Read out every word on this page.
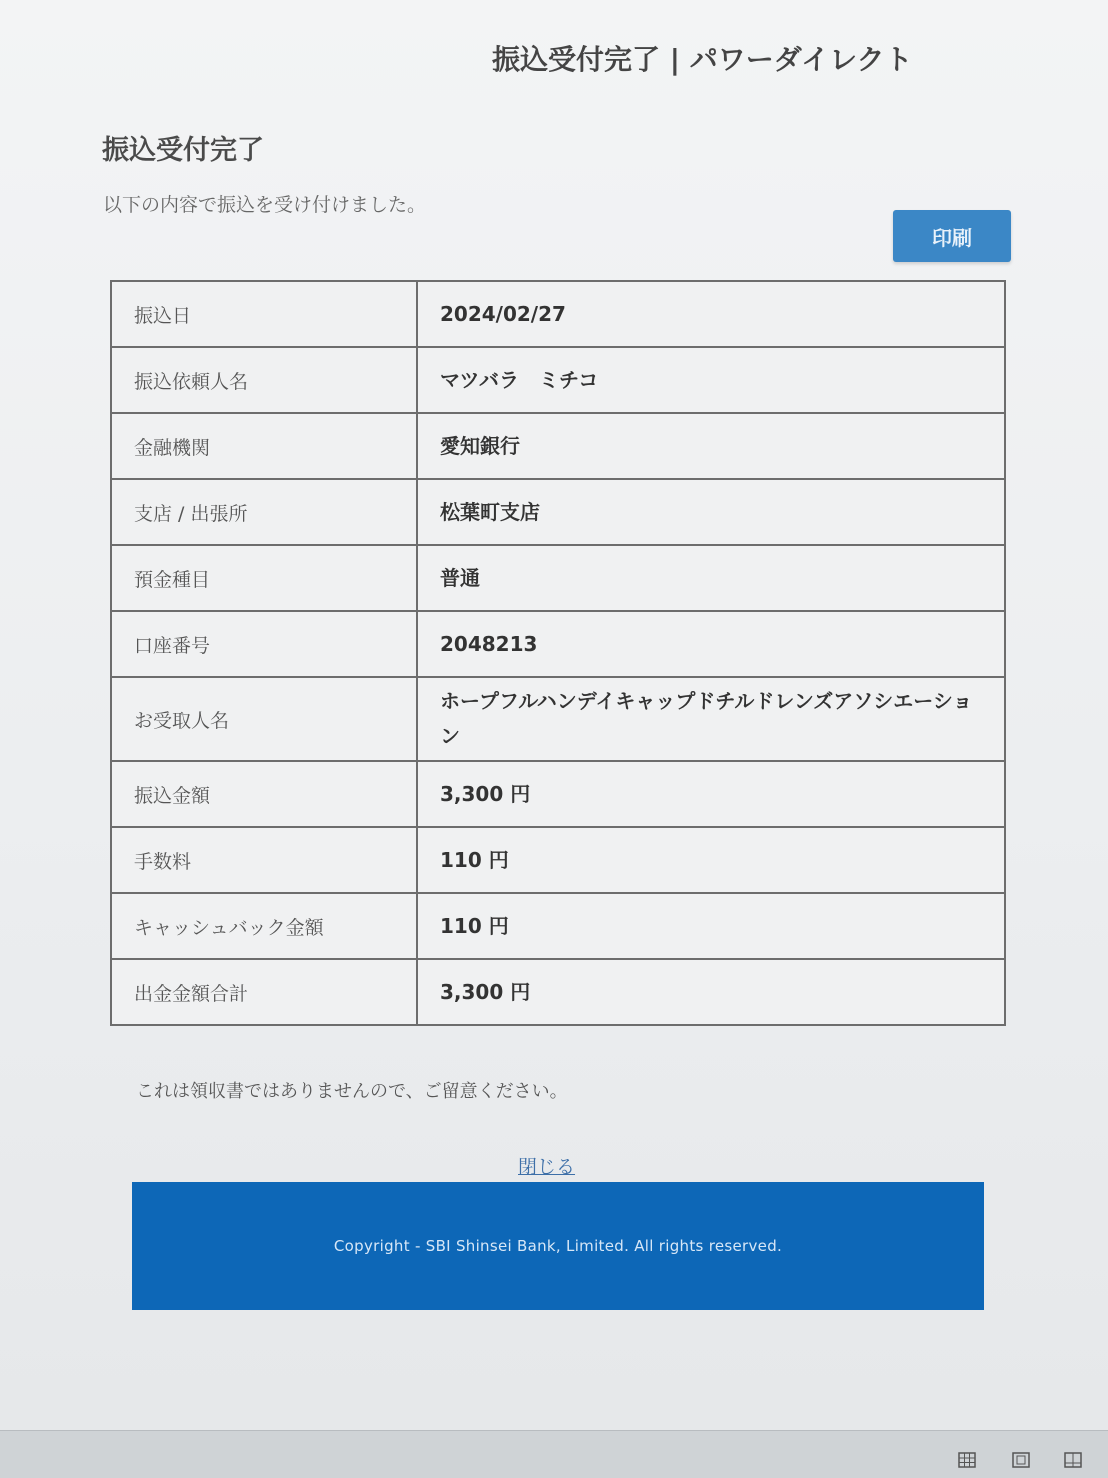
振込受付完了 | パワーダイレクト
振込受付完了
以下の内容で振込を受け付けました。
印刷
振込日	2024/02/27
振込依頼人名	マツバラ　ミチコ
金融機関	愛知銀行
支店 / 出張所	松葉町支店
預金種目	普通
口座番号	2048213
お受取人名	ホープフルハンデイキャップドチルドレンズアソシエーション
振込金額	3,300 円
手数料	110 円
キャッシュバック金額	110 円
出金金額合計	3,300 円
これは領収書ではありませんので、ご留意ください。
閉じる
Copyright - SBI Shinsei Bank, Limited. All rights reserved.
